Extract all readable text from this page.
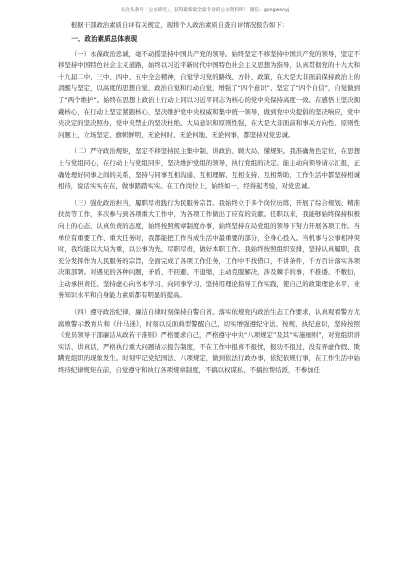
关注头条号「公文研究」，获得最新最全最专业的公文资料库！ 微信：gongwenyj

根据干部政治素质自评有关规定，现将个人政治素质自查自评情况报告如下：

一、政治素质总体表现

（一）永葆政治忠诚，毫不动摇坚持中国共产党的领导。始终坚定不移坚持中国共产党的领导，坚定不移坚持中国特色社会主义道路，始终以习近平新时代中国特色社会主义思想为指导，认真贯彻党的十九大和十九届二中、三中、四中、五中全会精神，自觉学习党的路线、方针、政策，在大是大非面前保持政治上的清醒与坚定，以高度的思想自觉、政治自觉和行动自觉，增强了“四个意识”、坚定了“四个自信”，自觉做到了“两个维护”。始终在思想上政治上行动上同以习近平同志为核心的党中央保持高度一致。在感悟上坚决拥戴核心，在行动上坚定紧跟核心，坚决维护党中央权威和集中统一领导，做到党中央提倡的坚决响应，党中央决定的坚决照办，党中央禁止的坚决杜绝。大局意识和原则性强，在大是大非面前和事关方向性、原则性问题上，立场坚定、旗帜鲜明，无论何时、无论何地、无论何事，都坚持对党忠诚。

（二）严守政治规矩，坚定不移坚持民主集中制、讲政治、顾大局、懂规矩。我准确角色定位，在思想上与党组同心，在行动上与党组同步，坚决维护党组的领导，执行党组的决定。能主动向领导请示汇报，正确处理好同事之间的关系，坚持与同事互相沟通、互相理解、互相支持、互相帮助，工作生活中都坚持相诚相待，说话实实在在，做事踏踏实实。在工作岗位上，始终如一，经得起考验，对党忠诚。

（三）强化政治担当，履职尽责践行为民服务宗旨。我始终立于多个岗位历练，开展了综合规划、精准扶贫等工作，多次参与到各项重大工作中，为各项工作做出了应有的贡献。任职以来，我能够始终保持积极向上的心态，认真负责的态度，始终按照规章制度办事，始终坚持在局党组的领导下努力开展各项工作。当单位有重要工作、重大任务时，我都能把工作当成生活中最重要的部分，全身心投入。当机事与公事相冲突时，我均能以大局为重，以公事为先，尽职尽责，做好本职工作。我始终按照组织安排，坚持认真履职，我充分发挥作为人民服务的宗旨，全面完成了各项工作任务，工作中不找借口，不讲条件，千方百计落实各项决策部署。对遇见的各种问题，矛盾、不回避、不退缩，主动克服解决，涉及棘手的事，不推诿、不敷衍，主动承担责任。坚持虚心向书本学习、向同事学习、坚持用理论指导工作实践，使自己的政策理论水平、业务知识水平和自身能力素质都有明显的提高。

（四）遵守政治纪律，廉洁自律时刻保持自警自省。落实依规党内政治生态工作要求，认真观看警方尤腐败警示教育片和《什马迷》，时刻以反面典型警醒自己，切实增强遵纪守法、按规、执纪意识，坚持按照《党员领导干部廉洁从政若干准则》严格要求自己，严格遵守中央“八项规定”及其“实施细则”，对党组织讲实话、讲真话，严格执行重大问题请示报告制度，不在工作中报喜不报忧，报功不报过，没有弄虚作假、欺瞒党组织的现象发生。时刻牢记党纪国法、八项规定，做到依法行政办事，依纪依规行事，在工作生活中始终待纪律规矩在前，自觉遵守和执行各项规章制度，不搞以权谋私，不搞拉帮结派，不参加任
